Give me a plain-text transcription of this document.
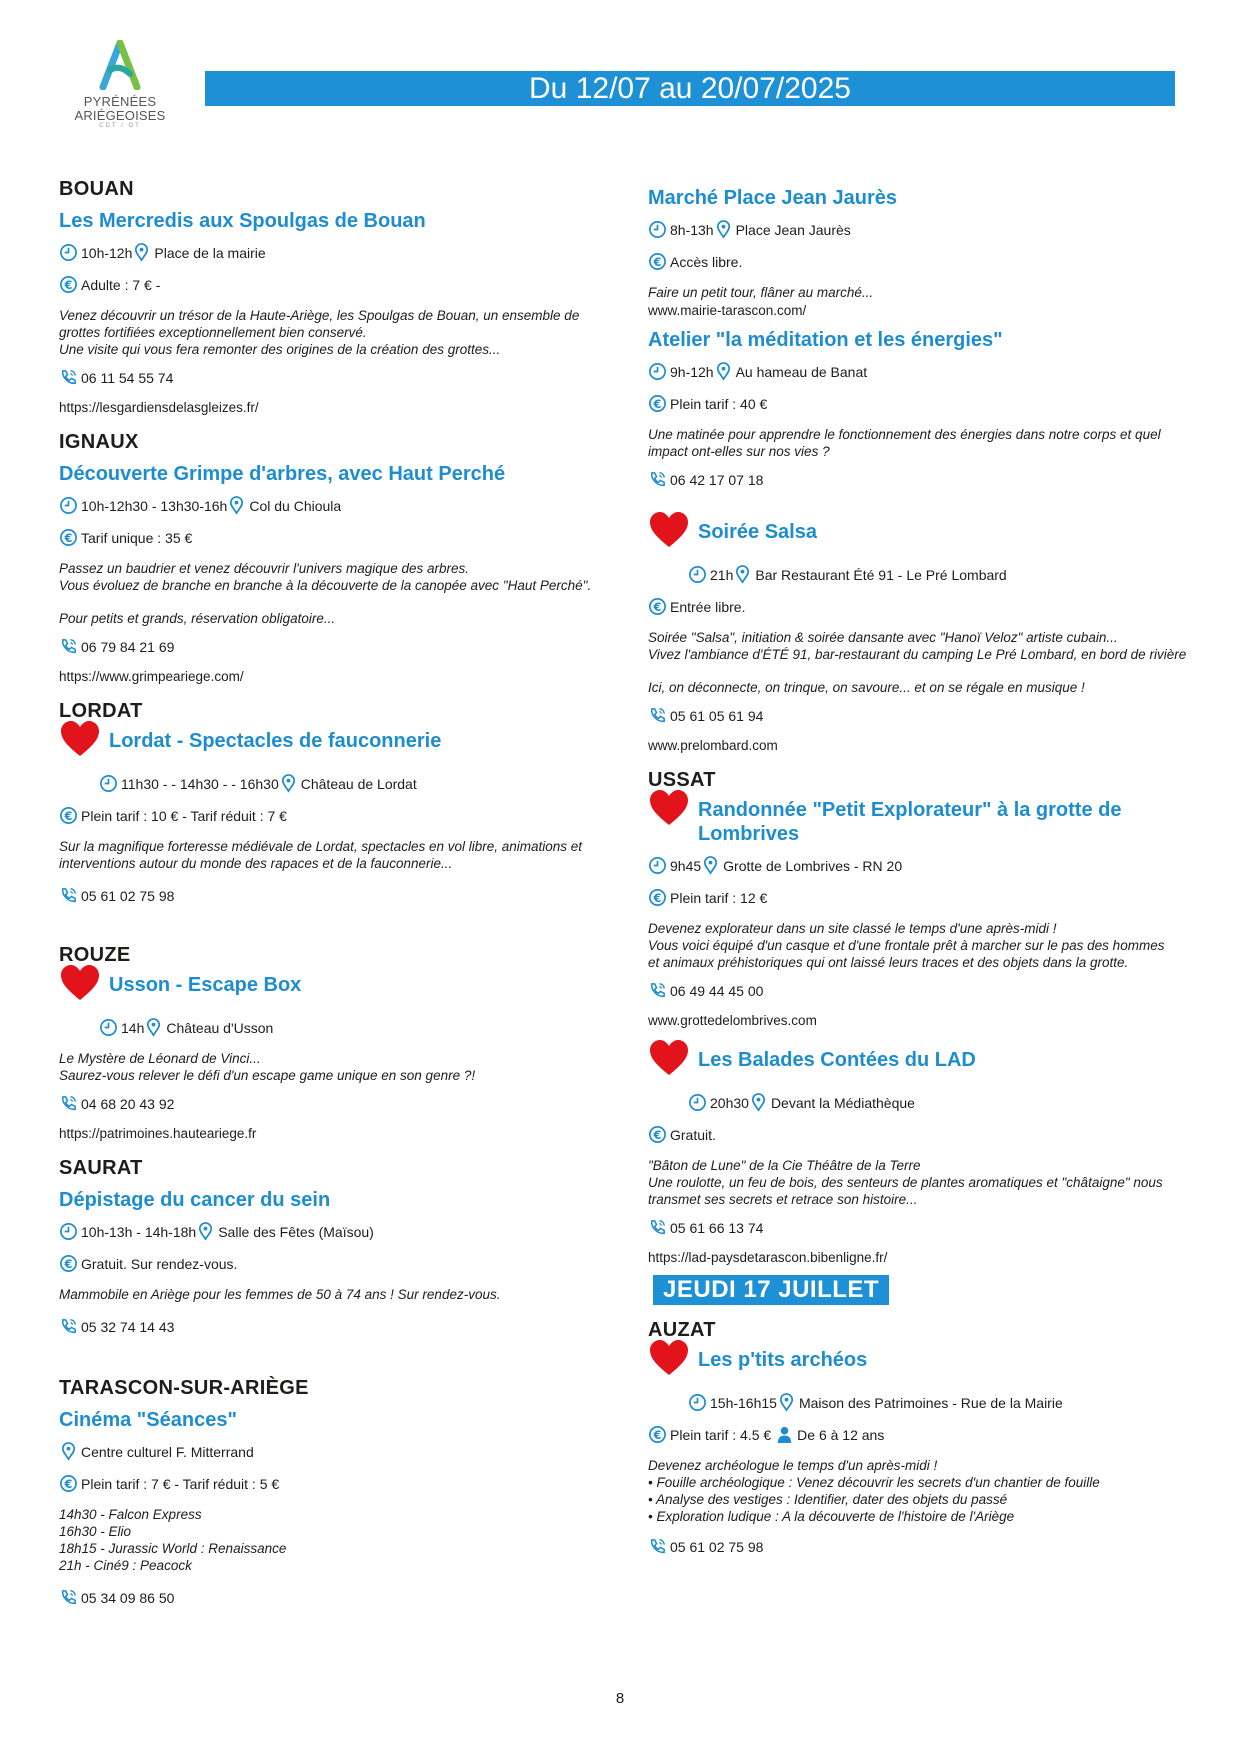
PYRÉNÉES
ARIÉGEOISES
CDT / OT
Du 12/07 au 20/07/2025
BOUAN
Les Mercredis aux Spoulgas de Bouan
10h-12h Place de la mairie
€ Adulte : 7 € -
Venez découvrir un trésor de la Haute-Ariège, les Spoulgas de Bouan, un ensemble de
grottes fortifiées exceptionnellement bien conservé.
Une visite qui vous fera remonter des origines de la création des grottes...
06 11 54 55 74
https://lesgardiensdelasgleizes.fr/
IGNAUX
Découverte Grimpe d'arbres, avec Haut Perché
10h-12h30 - 13h30-16h Col du Chioula
€ Tarif unique : 35 €
Passez un baudrier et venez découvrir l'univers magique des arbres.
Vous évoluez de branche en branche à la découverte de la canopée avec "Haut Perché".
Pour petits et grands, réservation obligatoire...
06 79 84 21 69
https://www.grimpeariege.com/
LORDAT
Lordat - Spectacles de fauconnerie
11h30 - - 14h30 - - 16h30 Château de Lordat
€ Plein tarif : 10 € - Tarif réduit : 7 €
Sur la magnifique forteresse médiévale de Lordat, spectacles en vol libre, animations et
interventions autour du monde des rapaces et de la fauconnerie...
05 61 02 75 98
ROUZE
Usson - Escape Box
14h Château d'Usson
Le Mystère de Léonard de Vinci...
Saurez-vous relever le défi d'un escape game unique en son genre ?!
04 68 20 43 92
https://patrimoines.hauteariege.fr
SAURAT
Dépistage du cancer du sein
10h-13h - 14h-18h Salle des Fêtes (Maïsou)
€ Gratuit. Sur rendez-vous.
Mammobile en Ariège pour les femmes de 50 à 74 ans ! Sur rendez-vous.
05 32 74 14 43
TARASCON-SUR-ARIÈGE
Cinéma "Séances"
Centre culturel F. Mitterrand
€ Plein tarif : 7 € - Tarif réduit : 5 €
14h30 - Falcon Express
16h30 - Elio
18h15 - Jurassic World : Renaissance
21h - Ciné9 : Peacock
05 34 09 86 50
Marché Place Jean Jaurès
8h-13h Place Jean Jaurès
€ Accès libre.
Faire un petit tour, flâner au marché...
www.mairie-tarascon.com/
Atelier "la méditation et les énergies"
9h-12h Au hameau de Banat
€ Plein tarif : 40 €
Une matinée pour apprendre le fonctionnement des énergies dans notre corps et quel
impact ont-elles sur nos vies ?
06 42 17 07 18
Soirée Salsa
21h Bar Restaurant Été 91 - Le Pré Lombard
€ Entrée libre.
Soirée "Salsa", initiation & soirée dansante avec "Hanoï Veloz" artiste cubain...
Vivez l'ambiance d'ÉTÉ 91, bar-restaurant du camping Le Pré Lombard, en bord de rivière
Ici, on déconnecte, on trinque, on savoure... et on se régale en musique !
05 61 05 61 94
www.prelombard.com
USSAT
Randonnée "Petit Explorateur" à la grotte de Lombrives
9h45 Grotte de Lombrives - RN 20
€ Plein tarif : 12 €
Devenez explorateur dans un site classé le temps d'une après-midi !
Vous voici équipé d'un casque et d'une frontale prêt à marcher sur le pas des hommes
et animaux préhistoriques qui ont laissé leurs traces et des objets dans la grotte.
06 49 44 45 00
www.grottedelombrives.com
Les Balades Contées du LAD
20h30 Devant la Médiathèque
€ Gratuit.
"Bâton de Lune" de la Cie Théâtre de la Terre
Une roulotte, un feu de bois, des senteurs de plantes aromatiques et "châtaigne" nous
transmet ses secrets et retrace son histoire...
05 61 66 13 74
https://lad-paysdetarascon.bibenligne.fr/
JEUDI 17 JUILLET
AUZAT
Les p'tits archéos
15h-16h15 Maison des Patrimoines - Rue de la Mairie
€ Plein tarif : 4.5 € De 6 à 12 ans
Devenez archéologue le temps d'un après-midi !
• Fouille archéologique : Venez découvrir les secrets d'un chantier de fouille
• Analyse des vestiges : Identifier, dater des objets du passé
• Exploration ludique : A la découverte de l'histoire de l'Ariège
05 61 02 75 98
8
